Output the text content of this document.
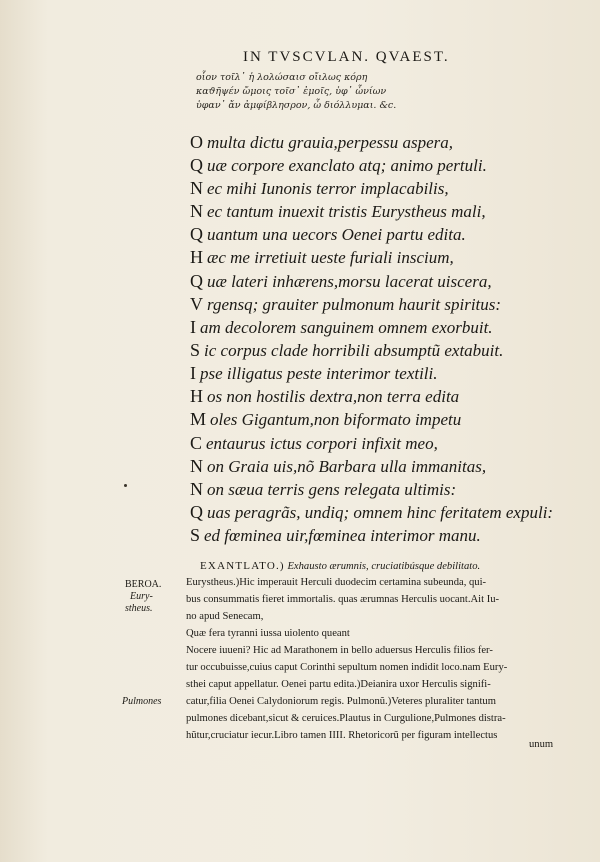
IN TVSCVLAN. QVAEST.
οἷον τοῖλ᾽ ἡ λολώσαισ οἴιλως κόρη
καϑῆψέν ὤμοις τοῖσ᾽ ἐμοῖς, ὑφ᾽ ὧνίων
ὑφαν᾽ ἄν ἀμφίβλησρον, ὦ διόλλυμαι. &c.
O multa dictu grauia,perpessu aspera,
Q uæ corpore exanclato atq; animo pertuli.
N ec mihi Iunonis terror implacabilis,
N ec tantum inuexit tristis Eurystheus mali,
Q uantum una uecors Oenei partu edita.
H æc me irretiuit ueste furiali inscium,
Q uæ lateri inhærens,morsu lacerat uiscera,
V rgensq; grauiter pulmonum haurit spiritus:
I am decolorem sanguinem omnem exorbuit.
S ic corpus clade horribili absumptũ extabuit.
I pse illigatus peste interimor textili.
H os non hostilis dextra,non terra edita
M oles Gigantum,non biformato impetu
C entaurus ictus corpori infixit meo,
N on Graia uis,nõ Barbara ulla immanitas,
N on sæua terris gens relegata ultimis:
Q uas peragrãs, undiq; omnem hinc feritatem expuli:
S ed fœminea uir,fœminea interimor manu.
EXANTLATO.) Exhausto ærumnis, cruciatibúsque debilitato.
Eurystheus.)Hic imperauit Herculi duodecim certamina subeunda, qui-
bus consummatis fieret immortalis. quas ærumnas Herculis uocant.Ait Iu-
no apud Senecam,
Quæ fera tyranni iussa uiolento queant
Nocere iuueni? Hic ad Marathonem in bello aduersus Herculis filios fer-
tur occubuisse,cuius caput Corinthi sepultum nomen indidit loco.nam Eury-
sthei caput appellatur. Oenei partu edita.)Deianira uxor Herculis signifi-
catur,filia Oenei Calydoniorum regis. Pulmonũ.)Veteres pluraliter tantum
pulmones dicebant,sicut & ceruices.Plautus in Curgulione,Pulmones distra-
hũtur,cruciatur iecur.Libro tamen IIII. Rhetoricorũ per figuram intellectus
unum
BEROA.
Eury-
stheus.
Pulmones
